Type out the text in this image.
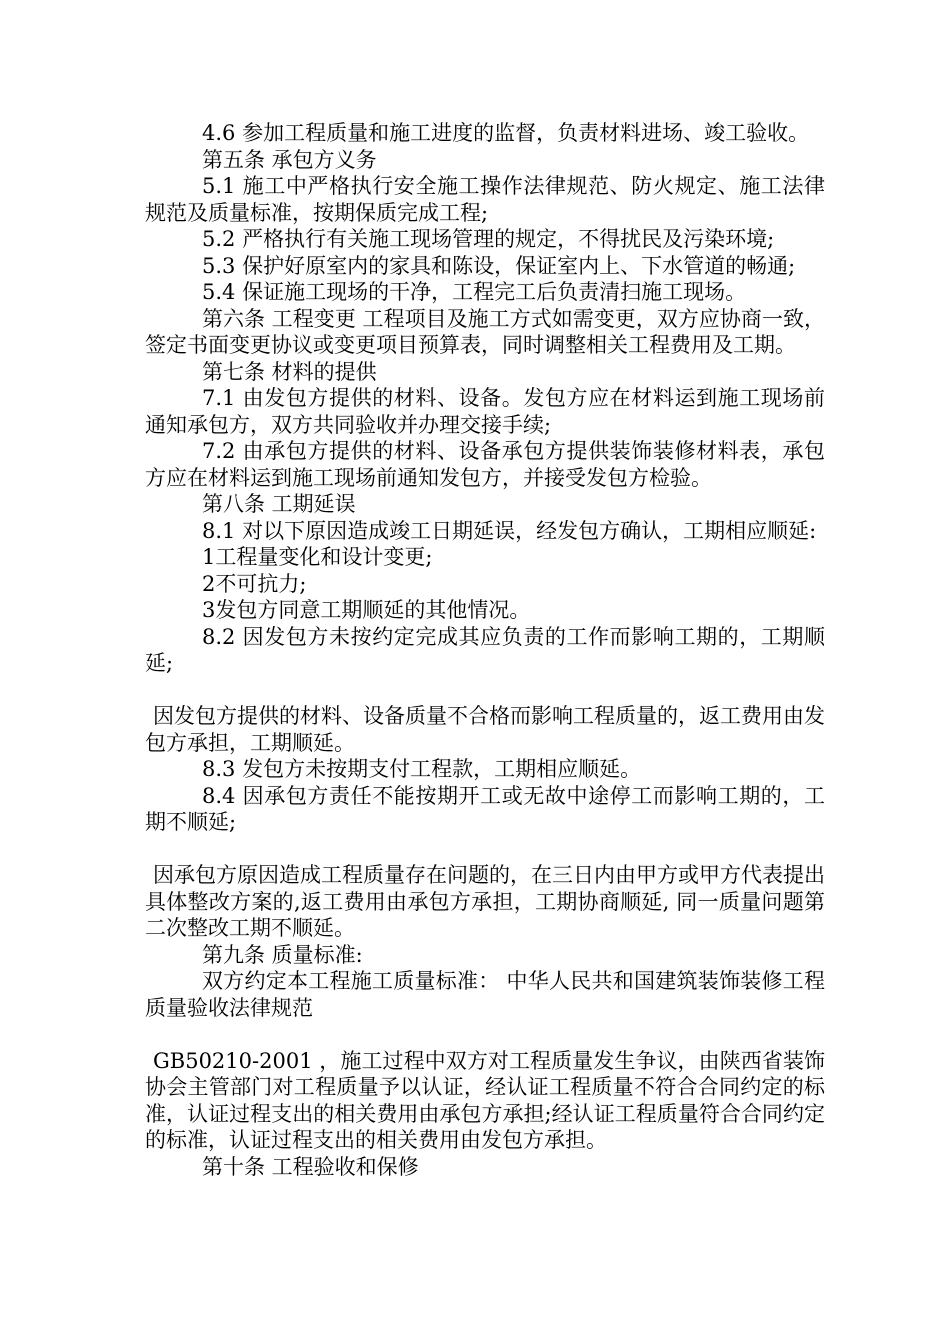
4.6 参加工程质量和施工进度的监督，负责材料进场、竣工验收。

第五条 承包方义务

5.1 施工中严格执行安全施工操作法律规范、防火规定、施工法律规范及质量标准，按期保质完成工程;

5.2 严格执行有关施工现场管理的规定，不得扰民及污染环境;

5.3 保护好原室内的家具和陈设，保证室内上、下水管道的畅通;

5.4 保证施工现场的干净，工程完工后负责清扫施工现场。

第六条 工程变更 工程项目及施工方式如需变更，双方应协商一致，签定书面变更协议或变更项目预算表，同时调整相关工程费用及工期。

第七条 材料的提供

7.1 由发包方提供的材料、设备。发包方应在材料运到施工现场前通知承包方，双方共同验收并办理交接手续;

7.2 由承包方提供的材料、设备承包方提供装饰装修材料表，承包方应在材料运到施工现场前通知发包方，并接受发包方检验。

第八条 工期延误

8.1 对以下原因造成竣工日期延误，经发包方确认，工期相应顺延:

1工程量变化和设计变更;

2不可抗力;

3发包方同意工期顺延的其他情况。

8.2 因发包方未按约定完成其应负责的工作而影响工期的，工期顺延;

因发包方提供的材料、设备质量不合格而影响工程质量的，返工费用由发包方承担，工期顺延。

8.3 发包方未按期支付工程款，工期相应顺延。

8.4 因承包方责任不能按期开工或无故中途停工而影响工期的，工期不顺延;

因承包方原因造成工程质量存在问题的，在三日内由甲方或甲方代表提出具体整改方案的,返工费用由承包方承担，工期协商顺延, 同一质量问题第二次整改工期不顺延。

第九条 质量标准:

双方约定本工程施工质量标准： 中华人民共和国建筑装饰装修工程质量验收法律规范

GB50210-2001 ，施工过程中双方对工程质量发生争议，由陕西省装饰协会主管部门对工程质量予以认证，经认证工程质量不符合合同约定的标准，认证过程支出的相关费用由承包方承担;经认证工程质量符合合同约定的标准，认证过程支出的相关费用由发包方承担。

第十条 工程验收和保修
